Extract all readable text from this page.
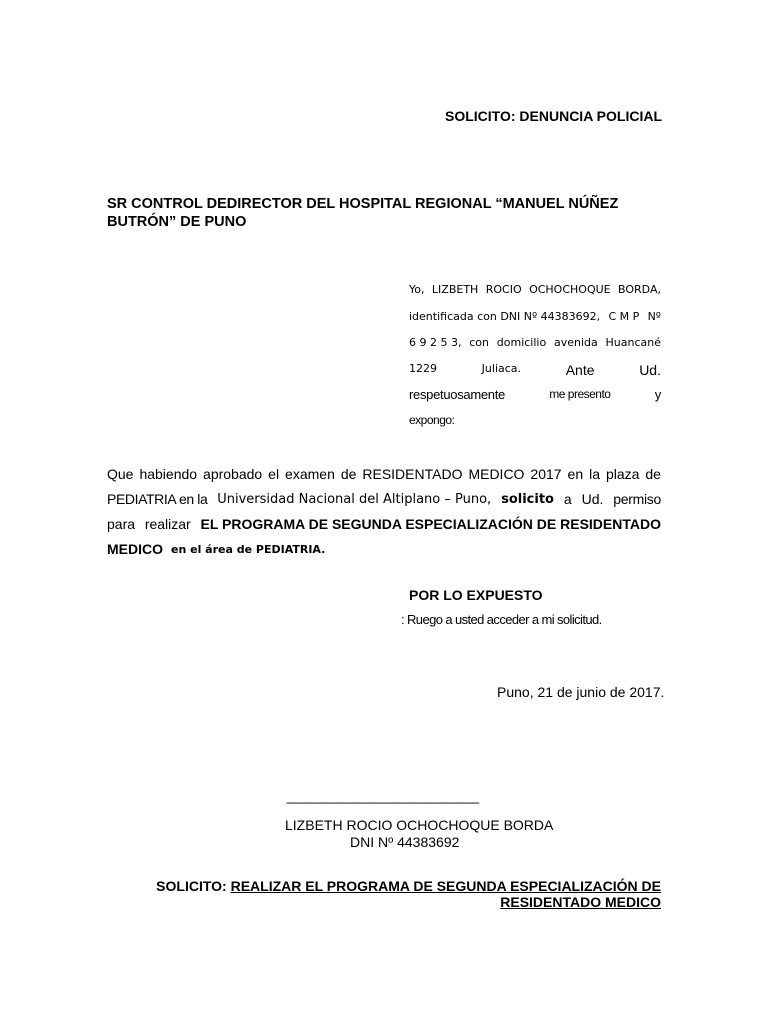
SOLICITO: DENUNCIA POLICIAL
SR CONTROL DEDIRECTOR DEL HOSPITAL REGIONAL “MANUEL NÚÑEZ
BUTRÓN” DE PUNO
Yo, LIZBETH ROCIO OCHOCHOQUE BORDA,
identificada con DNI Nº 44383692, C M P Nº
6 9 2 5 3, con domicilio avenida Huancané
1229	Juliaca.	Ante	Ud.
respetuosamente	me presento	y
expongo:
Que habiendo aprobado el examen de RESIDENTADO MEDICO 2017 en la plaza de
PEDIATRIA en la Universidad Nacional del Altiplano – Puno, solicito a Ud. permiso
para realizar EL PROGRAMA DE SEGUNDA ESPECIALIZACIÓN DE RESIDENTADO
MEDICO en el área de PEDIATRIA.
POR LO EXPUESTO
: Ruego a usted acceder a mi solicitud.
Puno, 21 de junio de 2017.
-------------------------------------------------------------------------------------
LIZBETH ROCIO OCHOCHOQUE BORDA
DNI Nº 44383692
SOLICITO: REALIZAR EL PROGRAMA DE SEGUNDA ESPECIALIZACIÓN DE
RESIDENTADO MEDICO
